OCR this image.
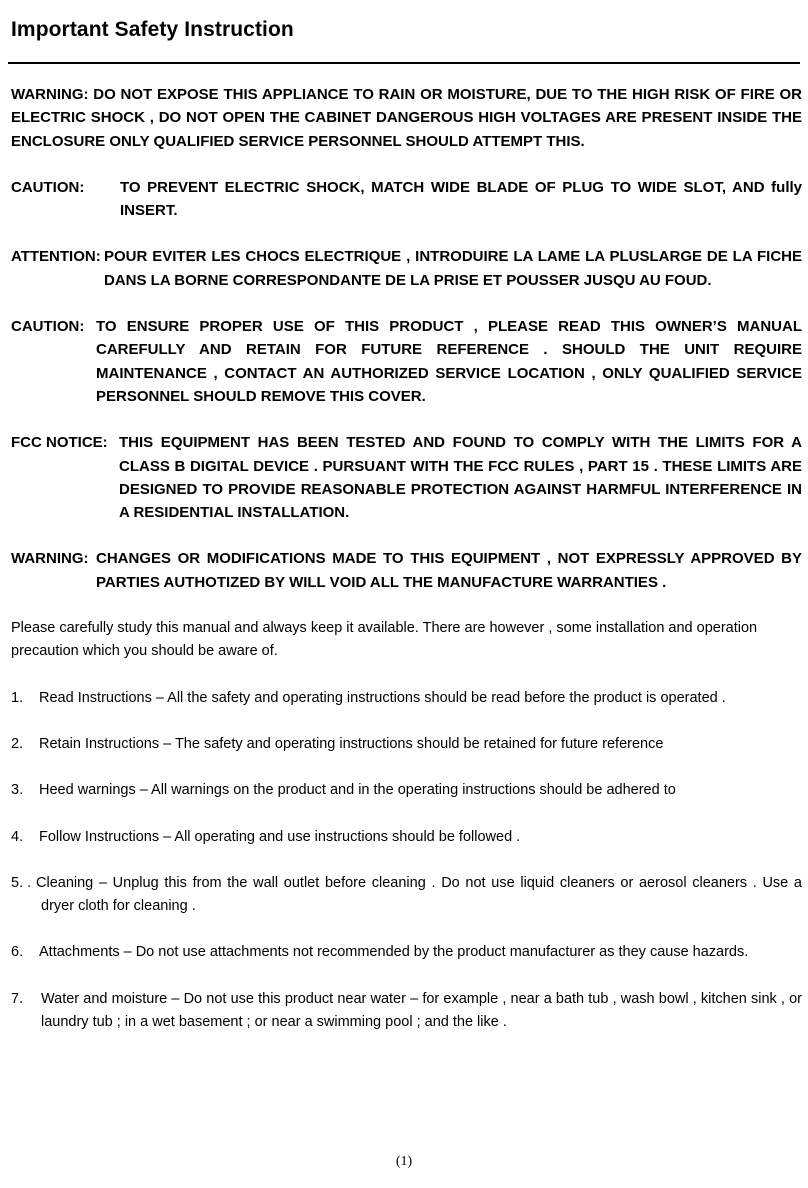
Important Safety Instruction
WARNING: DO NOT EXPOSE THIS APPLIANCE TO RAIN OR MOISTURE, DUE TO THE HIGH RISK OF FIRE OR ELECTRIC SHOCK , DO NOT OPEN THE CABINET DANGEROUS HIGH VOLTAGES ARE PRESENT INSIDE THE ENCLOSURE ONLY QUALIFIED SERVICE PERSONNEL SHOULD ATTEMPT THIS.
CAUTION:	TO PREVENT ELECTRIC SHOCK, MATCH WIDE BLADE OF PLUG TO WIDE SLOT, AND fully INSERT.
ATTENTION: POUR EVITER LES CHOCS ELECTRIQUE , INTRODUIRE LA LAME LA PLUSLARGE DE LA FICHE DANS LA BORNE CORRESPONDANTE DE LA PRISE ET POUSSER JUSQU AU FOUD.
CAUTION: TO ENSURE PROPER USE OF THIS PRODUCT , PLEASE READ THIS OWNER’S MANUAL CAREFULLY AND RETAIN FOR FUTURE REFERENCE . SHOULD THE UNIT REQUIRE MAINTENANCE , CONTACT AN AUTHORIZED SERVICE LOCATION , ONLY QUALIFIED SERVICE PERSONNEL SHOULD REMOVE THIS COVER.
FCC NOTICE: THIS EQUIPMENT HAS BEEN TESTED AND FOUND TO COMPLY WITH THE LIMITS FOR A CLASS B DIGITAL DEVICE . PURSUANT WITH THE FCC RULES , PART 15 . THESE LIMITS ARE DESIGNED TO PROVIDE REASONABLE PROTECTION AGAINST HARMFUL INTERFERENCE IN A RESIDENTIAL INSTALLATION.
WARNING: CHANGES OR MODIFICATIONS MADE TO THIS EQUIPMENT , NOT EXPRESSLY APPROVED BY PARTIES AUTHOTIZED BY WILL VOID ALL THE MANUFACTURE WARRANTIES .
Please carefully study this manual and always keep it available. There are however , some installation and operation precaution which you should be aware of.
1.	Read Instructions – All the safety and operating instructions should be read before the product is operated .
2.	Retain Instructions – The safety and operating instructions should be retained for future reference
3.	Heed warnings – All warnings on the product and in the operating instructions should be adhered to
4.	Follow Instructions – All operating and use instructions should be followed .
5. . Cleaning – Unplug this from the wall outlet before cleaning . Do not use liquid cleaners or aerosol cleaners . Use a dryer cloth for cleaning .
6.	Attachments – Do not use attachments not recommended by the product manufacturer as they cause hazards.
7. Water and moisture – Do not use this product near water – for example , near a bath tub , wash bowl , kitchen sink , or laundry tub ; in a wet basement ; or near a swimming pool ; and the like .
(1)
